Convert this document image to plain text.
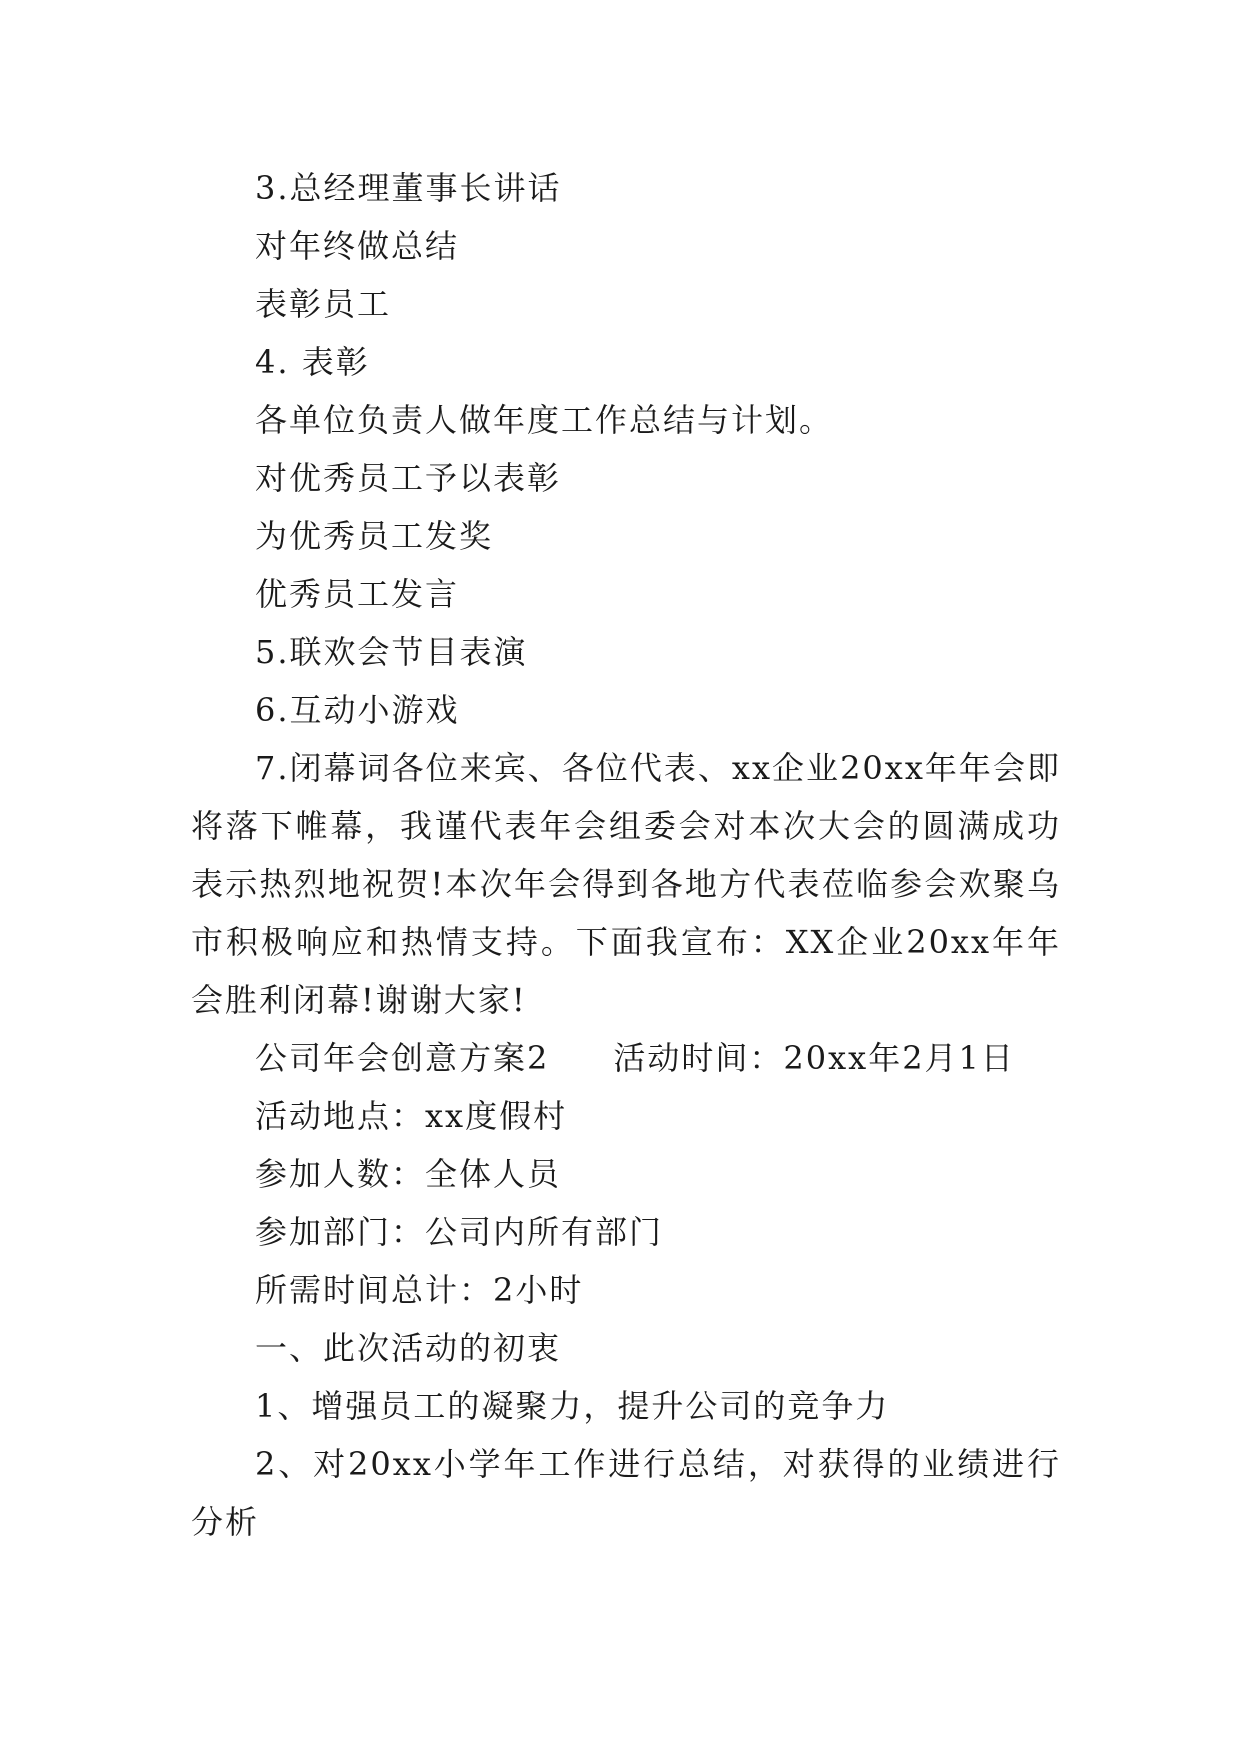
3.总经理董事长讲话
对年终做总结
表彰员工
4. 表彰
各单位负责人做年度工作总结与计划。
对优秀员工予以表彰
为优秀员工发奖
优秀员工发言
5.联欢会节目表演
6.互动小游戏

7.闭幕词各位来宾、各位代表、xx企业20xx年年会即将落下帷幕，我谨代表年会组委会对本次大会的圆满成功表示热烈地祝贺!本次年会得到各地方代表莅临参会欢聚乌市积极响应和热情支持。下面我宣布：XX企业20xx年年会胜利闭幕!谢谢大家!

公司年会创意方案2 活动时间：20xx年2月1日
活动地点：xx度假村
参加人数：全体人员
参加部门：公司内所有部门
所需时间总计：2小时
一、此次活动的初衷
1、增强员工的凝聚力，提升公司的竞争力

2、对20xx小学年工作进行总结，对获得的业绩进行分析
